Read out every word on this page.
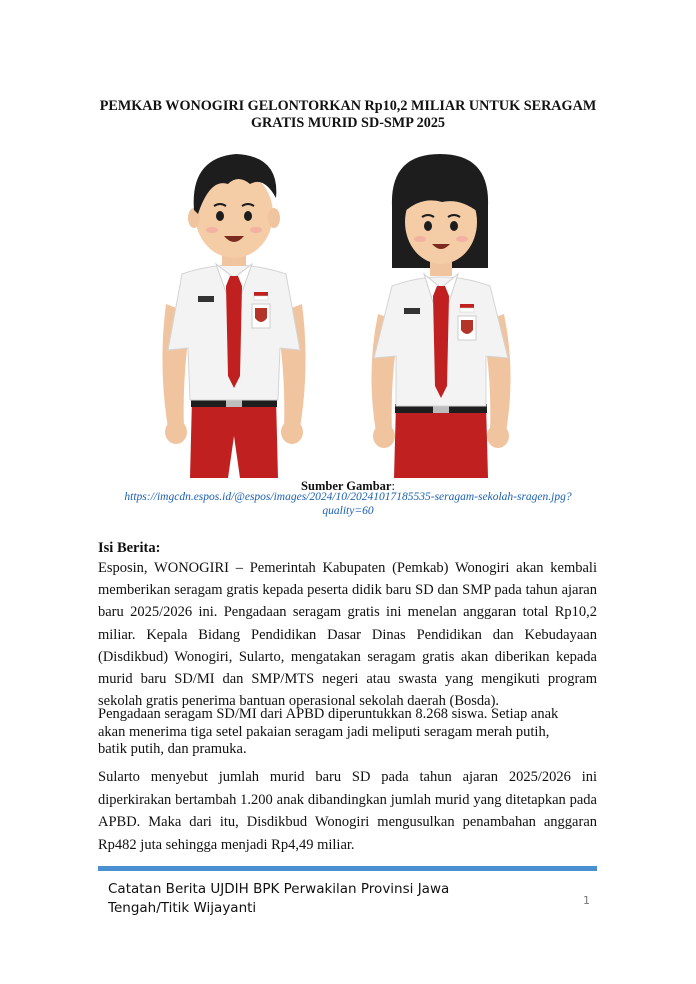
PEMKAB WONOGIRI GELONTORKAN Rp10,2 MILIAR UNTUK SERAGAM GRATIS MURID SD-SMP 2025
Sumber Gambar:
https://imgcdn.espos.id/@espos/images/2024/10/20241017185535-seragam-sekolah-sragen.jpg?quality=60
Isi Berita:

Esposin, WONOGIRI – Pemerintah Kabupaten (Pemkab) Wonogiri akan kembali memberikan seragam gratis kepada peserta didik baru SD dan SMP pada tahun ajaran baru 2025/2026 ini. Pengadaan seragam gratis ini menelan anggaran total Rp10,2 miliar. Kepala Bidang Pendidikan Dasar Dinas Pendidikan dan Kebudayaan (Disdikbud) Wonogiri, Sularto, mengatakan seragam gratis akan diberikan kepada murid baru SD/MI dan SMP/MTS negeri atau swasta yang mengikuti program sekolah gratis penerima bantuan operasional sekolah daerah (Bosda).

Pengadaan seragam SD/MI dari APBD diperuntukkan 8.268 siswa. Setiap anak akan menerima tiga setel pakaian seragam jadi meliputi seragam merah putih, batik putih, dan pramuka.

Sularto menyebut jumlah murid baru SD pada tahun ajaran 2025/2026 ini diperkirakan bertambah 1.200 anak dibandingkan jumlah murid yang ditetapkan pada APBD. Maka dari itu, Disdikbud Wonogiri mengusulkan penambahan anggaran Rp482 juta sehingga menjadi Rp4,49 miliar.

Catatan Berita UJDIH BPK Perwakilan Provinsi Jawa Tengah/Titik Wijayanti	1
